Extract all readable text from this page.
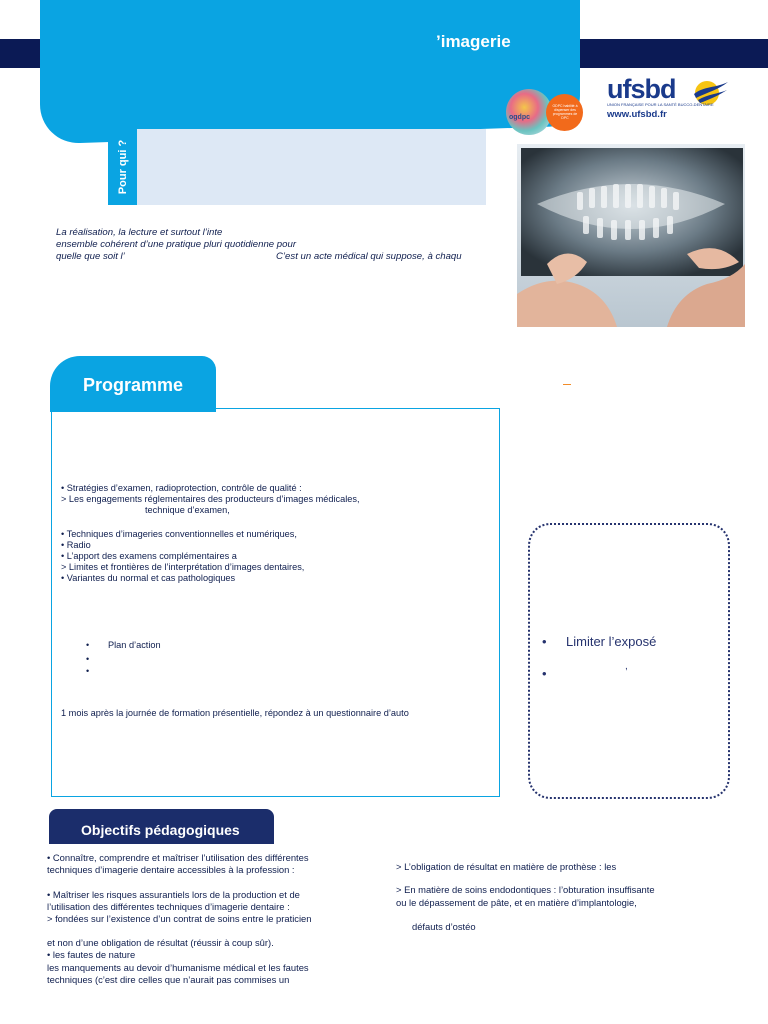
’imagerie
ogdpc
ODPC habilité à dispenser des programmes de DPC
ufsbd
UNION FRANÇAISE POUR LA SANTÉ BUCCO-DENTAIRE
www.ufsbd.fr
Pour qui ?
La réalisation, la lecture et surtout l’inte
ensemble cohérent d’une pratique pluri quotidienne pour
quelle que soit l’	C’est un acte médical qui suppose, à chaqu
Programme
• Stratégies d’examen, radioprotection, contrôle de qualité :
> Les engagements réglementaires des producteurs d’images médicales,
technique d’examen,
• Techniques d’imageries conventionnelles et numériques,
• Radio
• L’apport des examens complémentaires a
> Limites et frontières de l’interprétation d’images dentaires,
• Variantes du normal et cas pathologiques
• Plan d’action
•
•
1 mois après la journée de formation présentielle, répondez à un questionnaire d’auto
• Limiter l’exposé
•	,
Objectifs pédagogiques
• Connaître, comprendre et maîtriser l’utilisation des différentes
techniques d’imagerie dentaire accessibles à la profession :
• Maîtriser les risques assurantiels lors de la production et de
l’utilisation des différentes techniques d’imagerie dentaire :
> fondées sur l’existence d’un contrat de soins entre le praticien
et non d’une obligation de résultat (réussir à coup sûr).
• les fautes de nature
les manquements au devoir d’humanisme médical et les fautes
techniques (c’est dire celles que n’aurait pas commises un
> L’obligation de résultat en matière de prothèse : les
> En matière de soins endodontiques : l’obturation insuffisante
ou le dépassement de pâte, et en matière d’implantologie,
défauts d’ostéo
